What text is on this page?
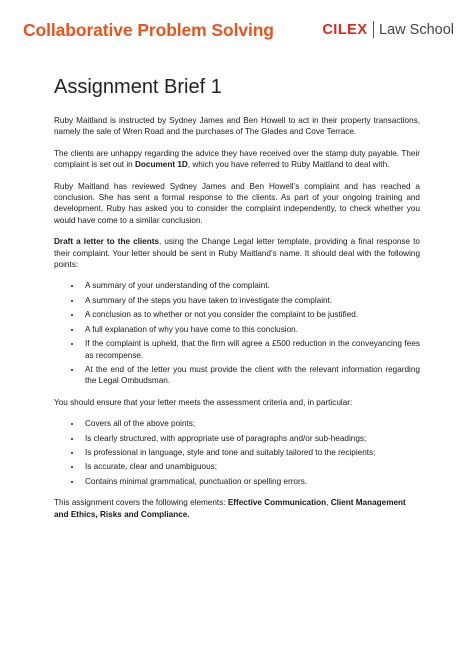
Collaborative Problem Solving	CILEX Law School
Assignment Brief 1

Ruby Maitland is instructed by Sydney James and Ben Howell to act in their property transactions, namely the sale of Wren Road and the purchases of The Glades and Cove Terrace.

The clients are unhappy regarding the advice they have received over the stamp duty payable. Their complaint is set out in Document 1D, which you have referred to Ruby Maitland to deal with.

Ruby Maitland has reviewed Sydney James and Ben Howell’s complaint and has reached a conclusion. She has sent a formal response to the clients. As part of your ongoing training and development, Ruby has asked you to consider the complaint independently, to check whether you would have come to a similar conclusion.

Draft a letter to the clients, using the Change Legal letter template, providing a final response to their complaint. Your letter should be sent in Ruby Maitland’s name. It should deal with the following points:

• A summary of your understanding of the complaint.
• A summary of the steps you have taken to investigate the complaint.
• A conclusion as to whether or not you consider the complaint to be justified.
• A full explanation of why you have come to this conclusion.
• If the complaint is upheld, that the firm will agree a £500 reduction in the conveyancing fees as recompense.
• At the end of the letter you must provide the client with the relevant information regarding the Legal Ombudsman.

You should ensure that your letter meets the assessment criteria and, in particular:

• Covers all of the above points;
• Is clearly structured, with appropriate use of paragraphs and/or sub-headings;
• Is professional in language, style and tone and suitably tailored to the recipients;
• Is accurate, clear and unambiguous;
• Contains minimal grammatical, punctuation or spelling errors.

This assignment covers the following elements: Effective Communication, Client Management and Ethics, Risks and Compliance.
